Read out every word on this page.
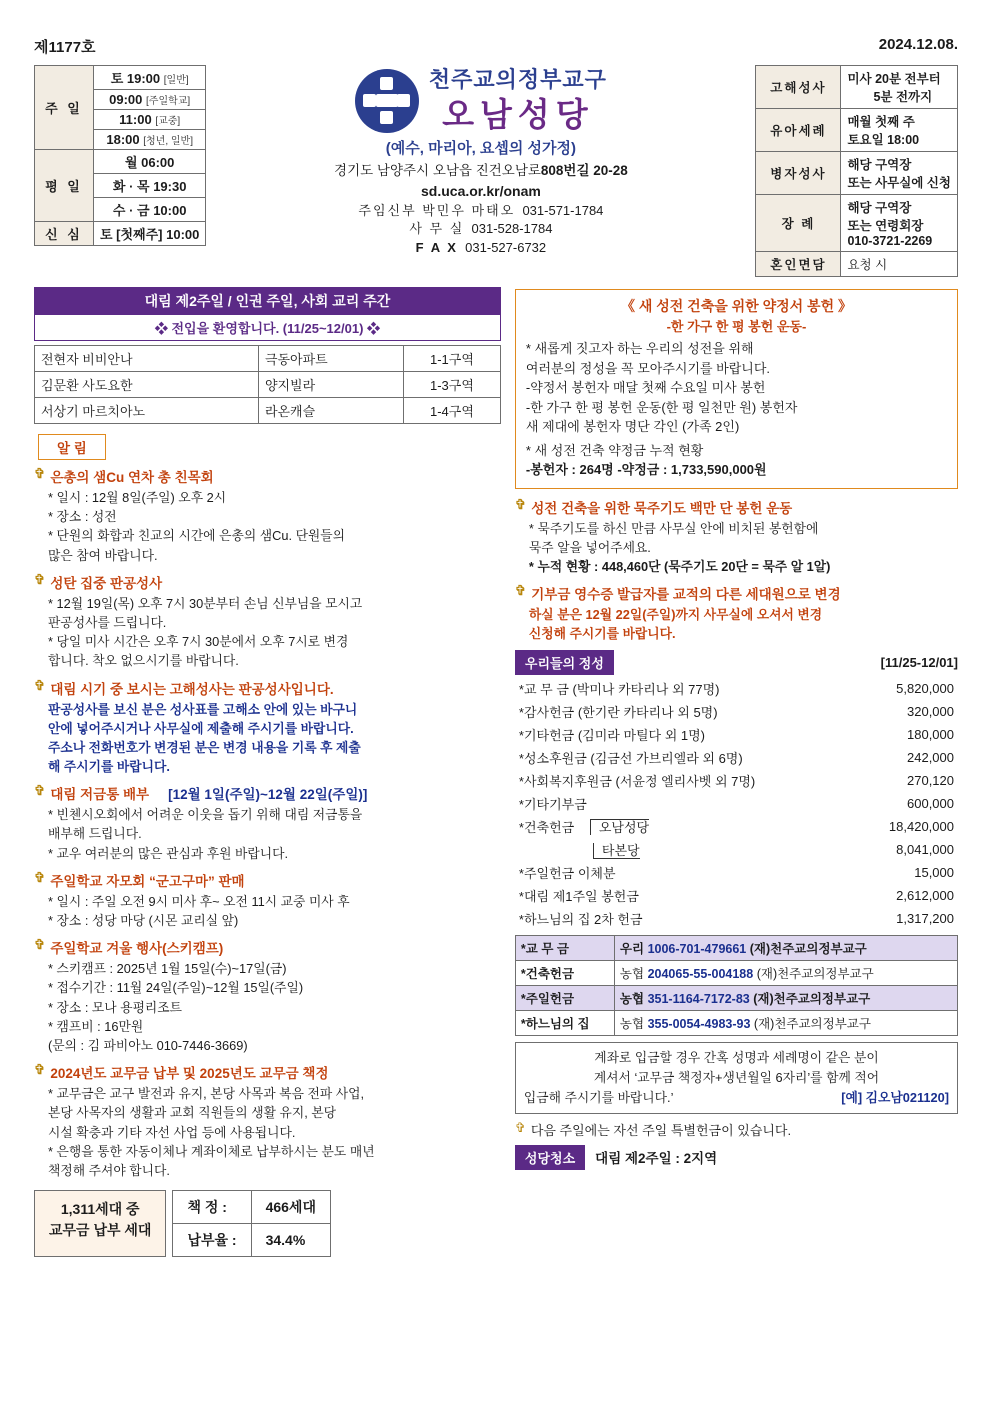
제1177호	2024.12.08.
주 일	토 19:00 [일반]
	09:00 [주일학교]
	11:00 [교중]
	18:00 [청년, 일반]
평 일	월 06:00
	화 · 목 19:30
	수 · 금 10:00
신 심	토 [첫째주] 10:00
천주교의정부교구
오남성당
(예수, 마리아, 요셉의 성가정)
경기도 남양주시 오남읍 진건오남로808번길 20-28
sd.uca.or.kr/onam
주임신부 박민우 마태오 031-571-1784
사 무 실 031-528-1784
F A X 031-527-6732
고해성사	미사 20분 전부터
5분 전까지
유아세례	매월 첫째 주
토요일 18:00
병자성사	해당 구역장
또는 사무실에 신청
장 례	해당 구역장
또는 연령회장
010-3721-2269
혼인면담	요청 시
대림 제2주일 / 인권 주일, 사회 교리 주간
❖ 전입을 환영합니다. (11/25~12/01) ❖
전현자 비비안나	극동아파트	1-1구역
김문환 사도요한	양지빌라	1-3구역
서상기 마르치아노	라온캐슬	1-4구역
알 림
✞ 은총의 샘Cu 연차 총 친목회
* 일시 : 12월 8일(주일) 오후 2시
* 장소 : 성전
* 단원의 화합과 친교의 시간에 은총의 샘Cu. 단원들의
많은 참여 바랍니다.
✞ 성탄 집중 판공성사
* 12월 19일(목) 오후 7시 30분부터 손님 신부님을 모시고
판공성사를 드립니다.
* 당일 미사 시간은 오후 7시 30분에서 오후 7시로 변경
합니다. 착오 없으시기를 바랍니다.
✞ 대림 시기 중 보시는 고해성사는 판공성사입니다.
판공성사를 보신 분은 성사표를 고해소 안에 있는 바구니
안에 넣어주시거나 사무실에 제출해 주시기를 바랍니다.
주소나 전화번호가 변경된 분은 변경 내용을 기록 후 제출
해 주시기를 바랍니다.
✞ 대림 저금통 배부 [12월 1일(주일)~12월 22일(주일)]
* 빈첸시오회에서 어려운 이웃을 돕기 위해 대림 저금통을
배부해 드립니다.
* 교우 여러분의 많은 관심과 후원 바랍니다.
✞ 주일학교 자모회 “군고구마” 판매
* 일시 : 주일 오전 9시 미사 후~ 오전 11시 교중 미사 후
* 장소 : 성당 마당 (시몬 교리실 앞)
✞ 주일학교 겨울 행사(스키캠프)
* 스키캠프 : 2025년 1월 15일(수)~17일(금)
* 접수기간 : 11월 24일(주일)~12월 15일(주일)
* 장소 : 모나 용평리조트
* 캠프비 : 16만원
(문의 : 김 파비아노 010-7446-3669)
✞ 2024년도 교무금 납부 및 2025년도 교무금 책정
* 교무금은 교구 발전과 유지, 본당 사목과 복음 전파 사업,
본당 사목자의 생활과 교회 직원들의 생활 유지, 본당
시설 확충과 기타 자선 사업 등에 사용됩니다.
* 은행을 통한 자동이체나 계좌이체로 납부하시는 분도 매년
책정해 주셔야 합니다.
1,311세대 중
교무금 납부 세대
책 정 :	466세대
납부율 :	34.4%
《 새 성전 건축을 위한 약정서 봉헌 》
-한 가구 한 평 봉헌 운동-
* 새롭게 짓고자 하는 우리의 성전을 위해
여러분의 정성을 꼭 모아주시기를 바랍니다.
-약정서 봉헌자 매달 첫째 수요일 미사 봉헌
-한 가구 한 평 봉헌 운동(한 평 일천만 원) 봉헌자
새 제대에 봉헌자 명단 각인 (가족 2인)
* 새 성전 건축 약정금 누적 현황
-봉헌자 : 264명 -약정금 : 1,733,590,000원
✞ 성전 건축을 위한 묵주기도 백만 단 봉헌 운동
* 묵주기도를 하신 만큼 사무실 안에 비치된 봉헌함에
묵주 알을 넣어주세요.
* 누적 현황 : 448,460단 (묵주기도 20단 = 묵주 알 1알)
✞ 기부금 영수증 발급자를 교적의 다른 세대원으로 변경
하실 분은 12월 22일(주일)까지 사무실에 오셔서 변경
신청해 주시기를 바랍니다.
우리들의 정성	[11/25-12/01]
*교 무 금 (박미나 카타리나 외 77명)	5,820,000
*감사헌금 (한기란 카타리나 외 5명)	320,000
*기타헌금 (김미라 마틸다 외 1명)	180,000
*성소후원금 (김금선 가브리엘라 외 6명)	242,000
*사회복지후원금 (서윤정 엘리사벳 외 7명)	270,120
*기타기부금	600,000
*건축헌금 오남성당	18,420,000
타본당	8,041,000
*주일헌금 이체분	15,000
*대림 제1주일 봉헌금	2,612,000
*하느님의 집 2차 헌금	1,317,200
*교 무 금	우리 1006-701-479661 (재)천주교의정부교구
*건축헌금	농협 204065-55-004188 (재)천주교의정부교구
*주일헌금	농협 351-1164-7172-83 (재)천주교의정부교구
*하느님의 집	농협 355-0054-4983-93 (재)천주교의정부교구
계좌로 입금할 경우 간혹 성명과 세례명이 같은 분이
계셔서 ‘교무금 책정자+생년월일 6자리’를 함께 적어
입금해 주시기를 바랍니다.’	[예] 김오남021120]
✞ 다음 주일에는 자선 주일 특별헌금이 있습니다.
성당청소	대림 제2주일 : 2지역
